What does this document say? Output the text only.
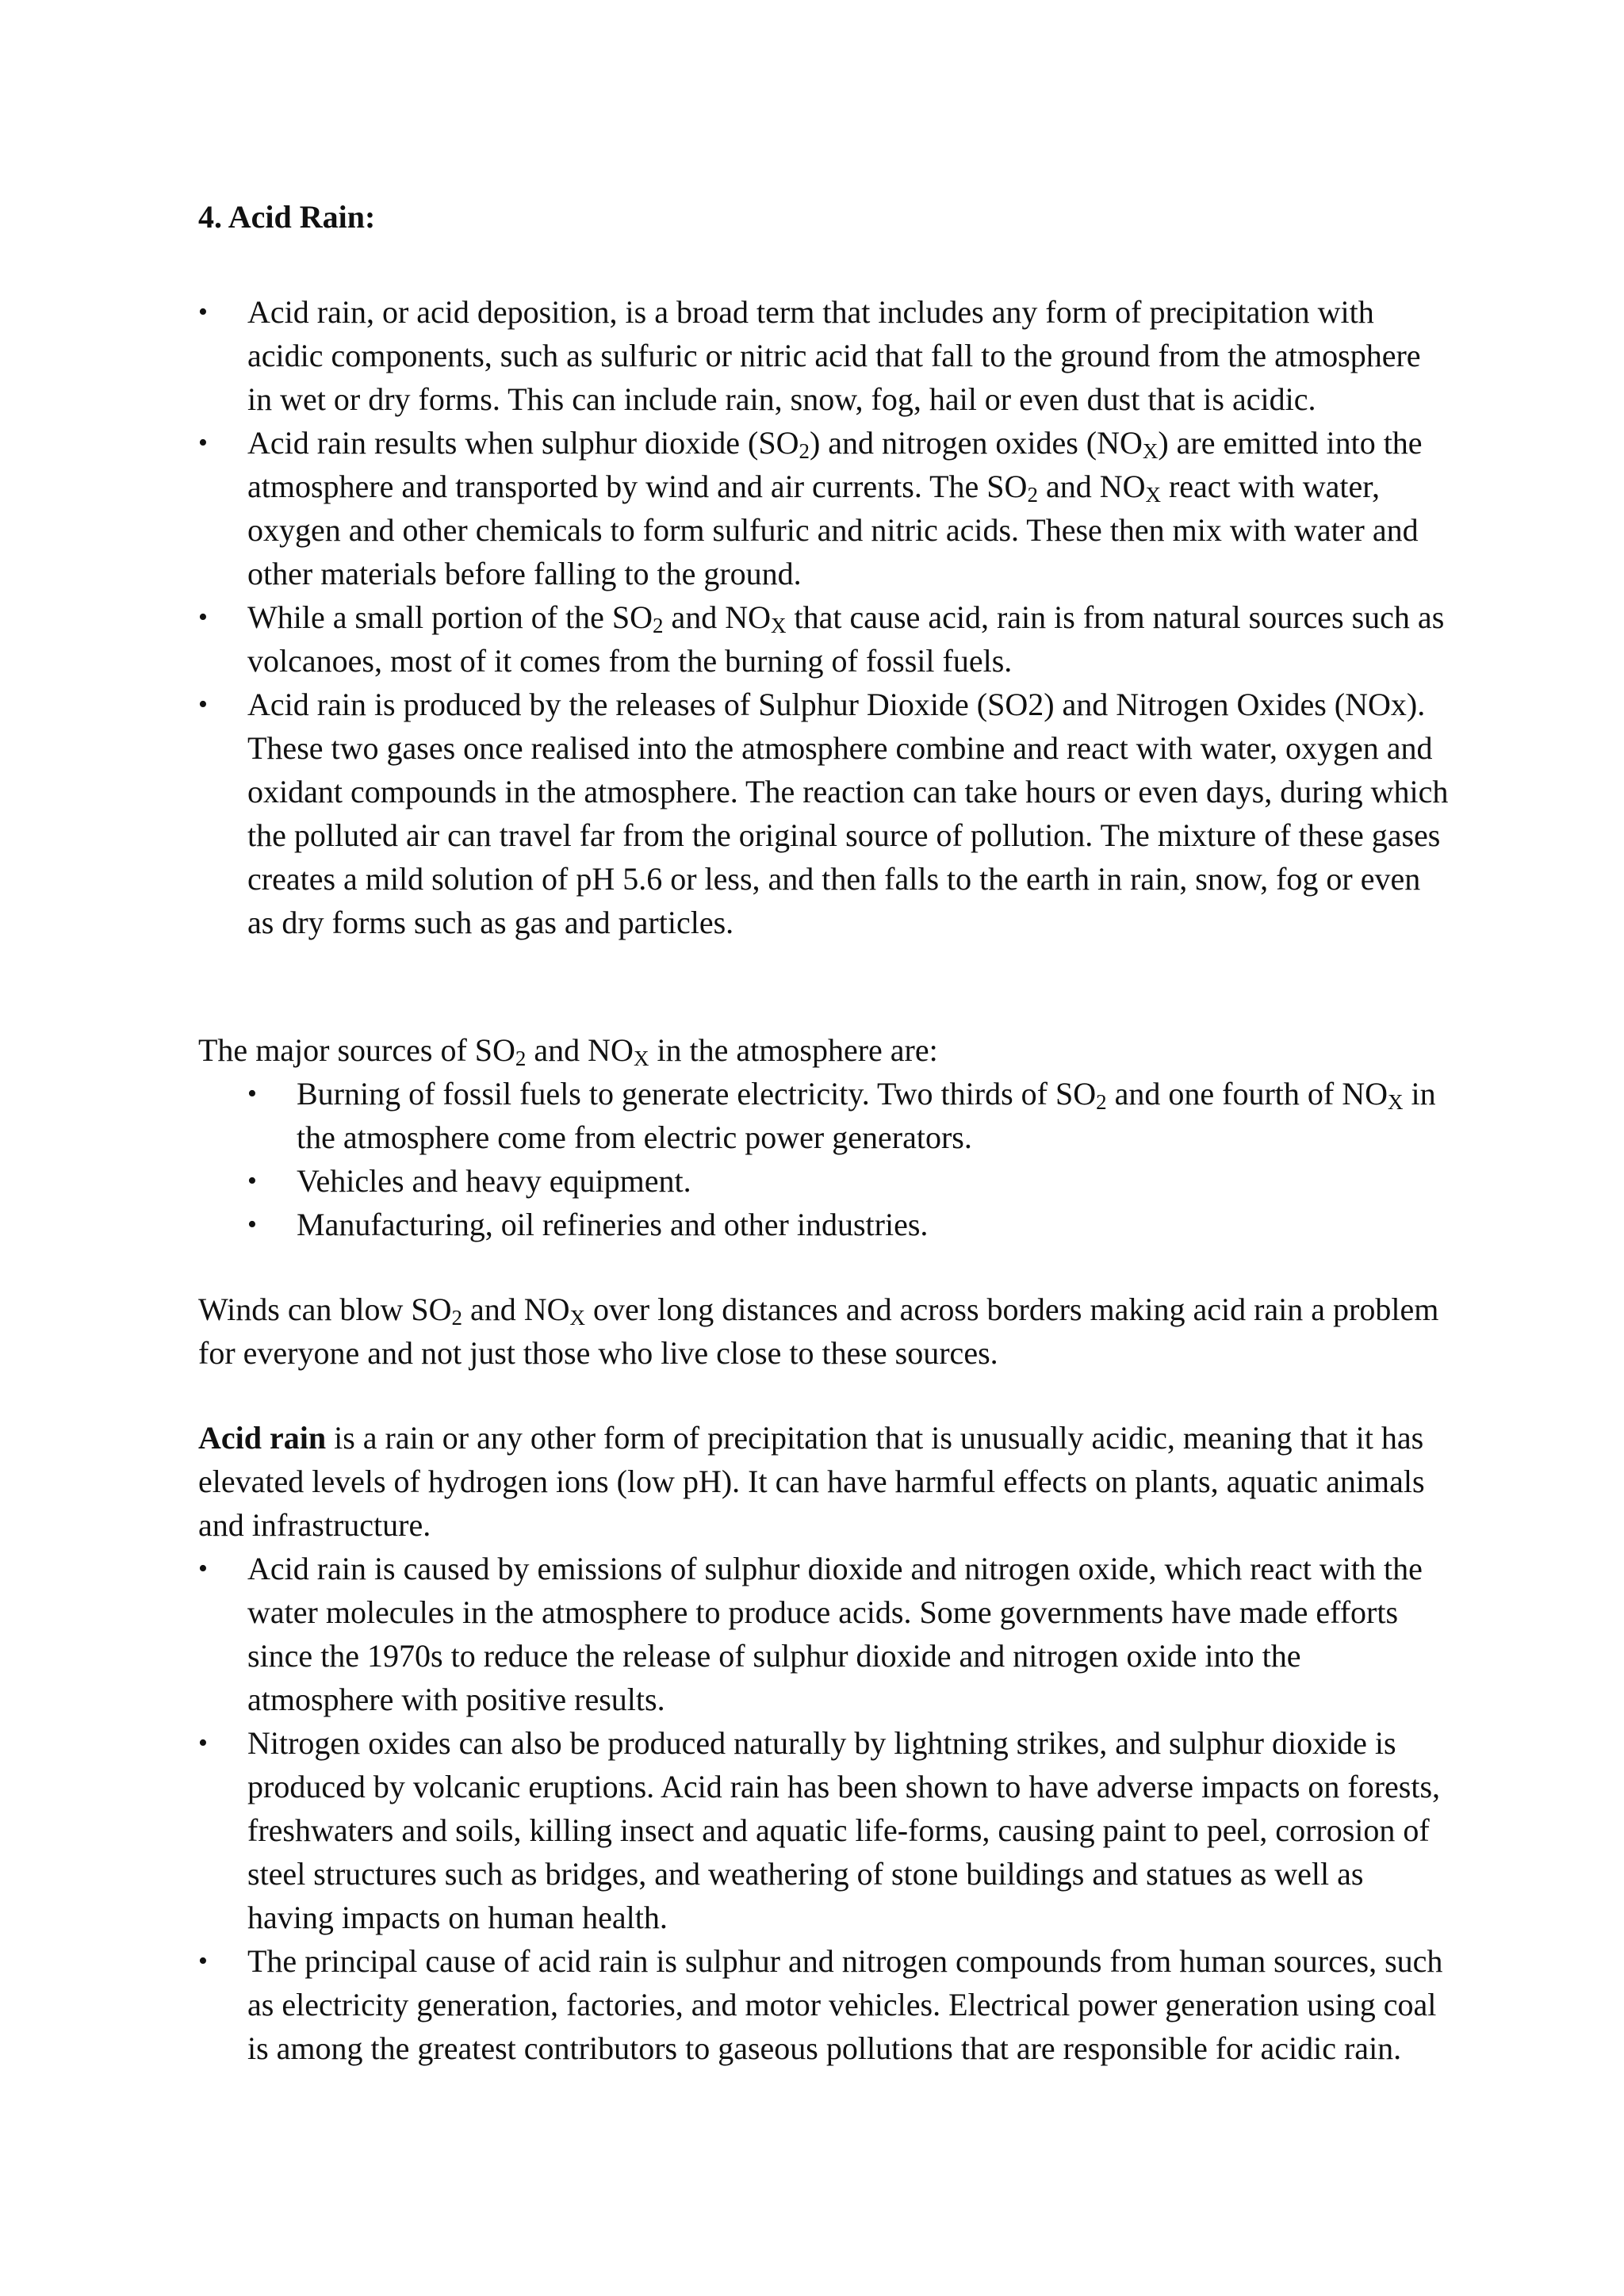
4. Acid Rain:
• Acid rain, or acid deposition, is a broad term that includes any form of precipitation with acidic components, such as sulfuric or nitric acid that fall to the ground from the atmosphere in wet or dry forms. This can include rain, snow, fog, hail or even dust that is acidic.
• Acid rain results when sulphur dioxide $(SO_2)$ and nitrogen oxides $(NO_X)$ are emitted into the atmosphere and transported by wind and air currents. The $SO_2$ and $NO_X$ react with water, oxygen and other chemicals to form sulfuric and nitric acids. These then mix with water and other materials before falling to the ground.
• While a small portion of the $SO_2$ and $NO_X$ that cause acid, rain is from natural sources such as volcanoes, most of it comes from the burning of fossil fuels.
• Acid rain is produced by the releases of Sulphur Dioxide (SO2) and Nitrogen Oxides (NOx). These two gases once realised into the atmosphere combine and react with water, oxygen and oxidant compounds in the atmosphere. The reaction can take hours or even days, during which the polluted air can travel far from the original source of pollution. The mixture of these gases creates a mild solution of pH 5.6 or less, and then falls to the earth in rain, snow, fog or even as dry forms such as gas and particles.

The major sources of $SO_2$ and $NO_X$ in the atmosphere are:

• Burning of fossil fuels to generate electricity. Two thirds of $SO_2$ and one fourth of $NO_X$ in the atmosphere come from electric power generators.
• Vehicles and heavy equipment.
• Manufacturing, oil refineries and other industries.

Winds can blow $SO_2$ and $NO_X$ over long distances and across borders making acid rain a problem for everyone and not just those who live close to these sources.

Acid rain is a rain or any other form of precipitation that is unusually acidic, meaning that it has elevated levels of hydrogen ions (low pH). It can have harmful effects on plants, aquatic animals and infrastructure.

• Acid rain is caused by emissions of sulphur dioxide and nitrogen oxide, which react with the water molecules in the atmosphere to produce acids. Some governments have made efforts since the 1970s to reduce the release of sulphur dioxide and nitrogen oxide into the atmosphere with positive results.
• Nitrogen oxides can also be produced naturally by lightning strikes, and sulphur dioxide is produced by volcanic eruptions. Acid rain has been shown to have adverse impacts on forests, freshwaters and soils, killing insect and aquatic life-forms, causing paint to peel, corrosion of steel structures such as bridges, and weathering of stone buildings and statues as well as having impacts on human health.
• The principal cause of acid rain is sulphur and nitrogen compounds from human sources, such as electricity generation, factories, and motor vehicles. Electrical power generation using coal is among the greatest contributors to gaseous pollutions that are responsible for acidic rain.
